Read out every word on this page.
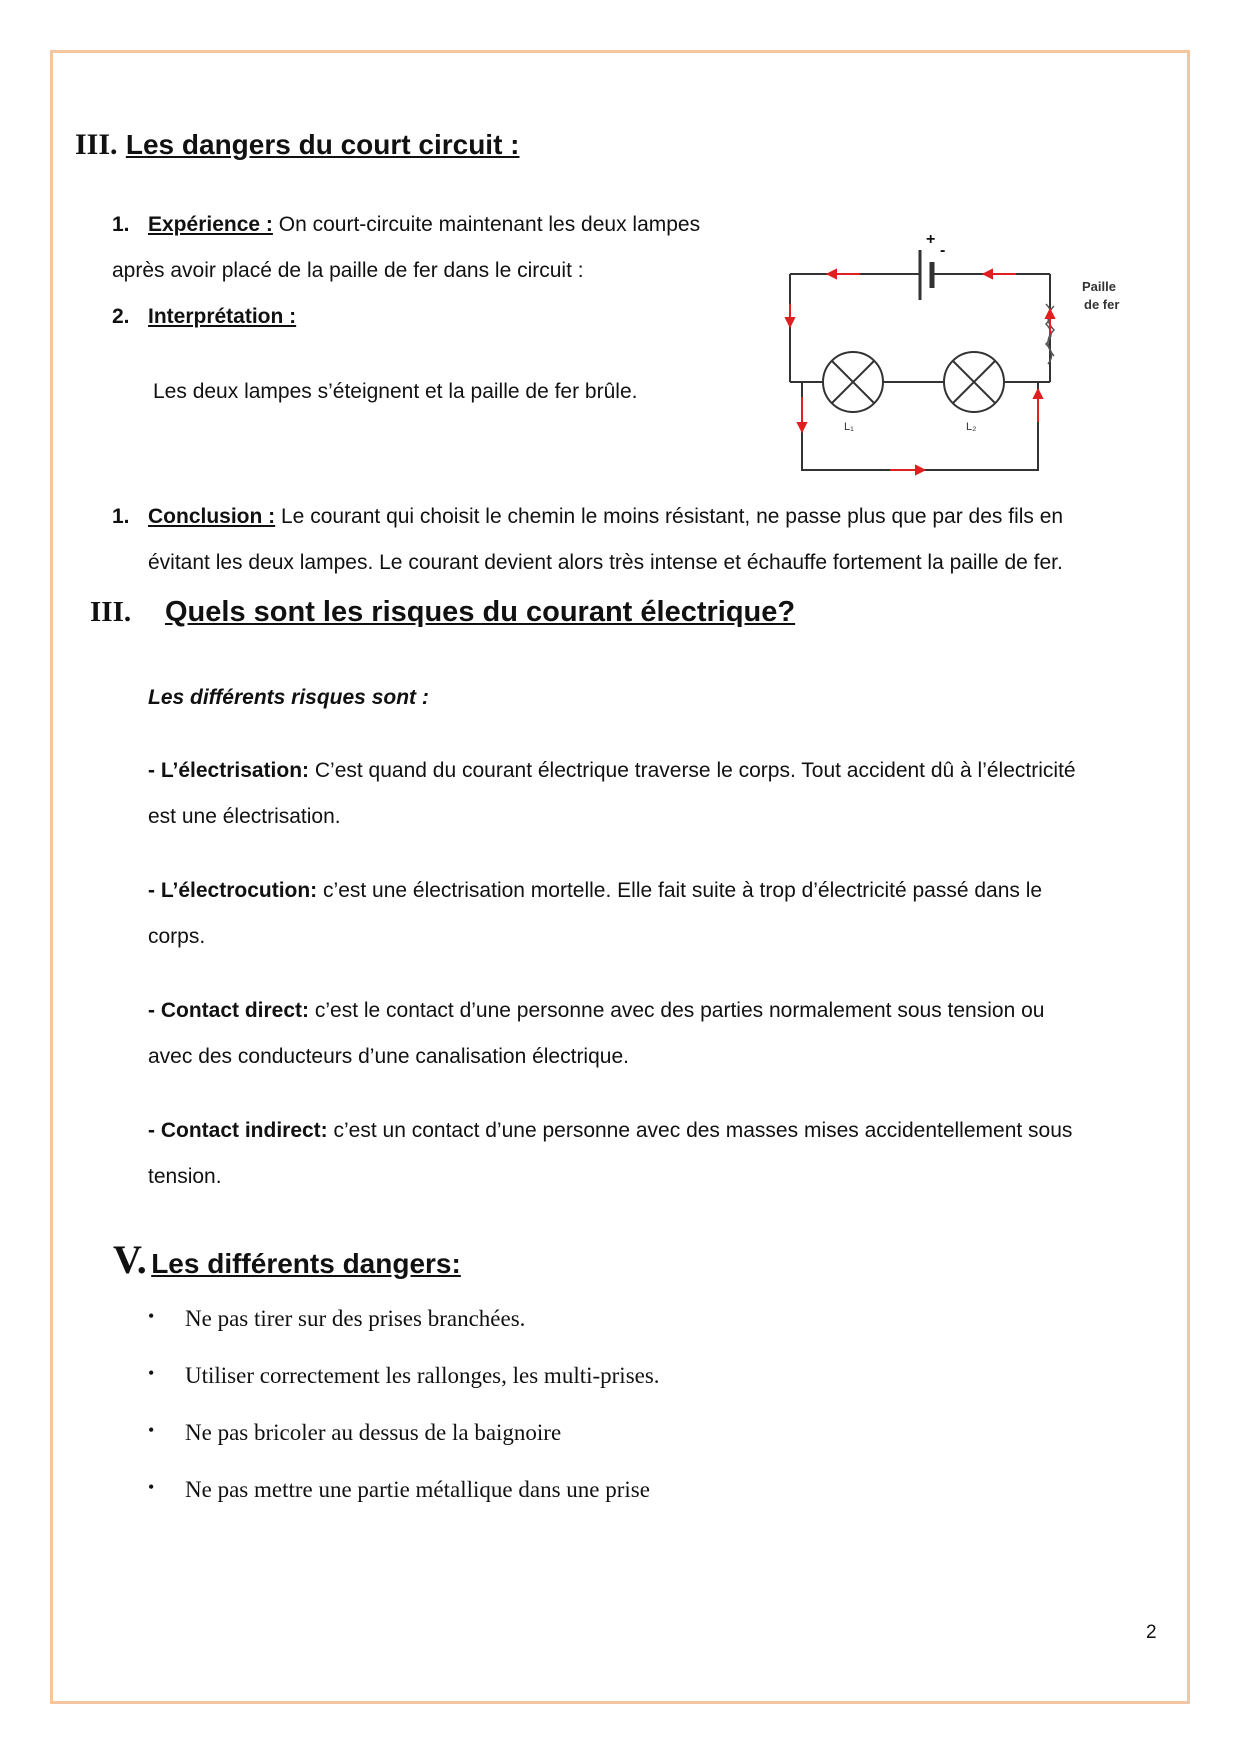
III. Les dangers du court circuit :
1. Expérience : On court-circuite maintenant les deux lampes
après avoir placé de la paille de fer dans le circuit :
2. Interprétation :
Les deux lampes s’éteignent et la paille de fer brûle.
+
-
Paille
de fer
L₁	L₂
1. Conclusion : Le courant qui choisit le chemin le moins résistant, ne passe plus que par des fils en
évitant les deux lampes. Le courant devient alors très intense et échauffe fortement la paille de fer.
III. Quels sont les risques du courant électrique?
Les différents risques sont :
- L’électrisation: C’est quand du courant électrique traverse le corps. Tout accident dû à l’électricité
est une électrisation.
- L’électrocution: c’est une électrisation mortelle. Elle fait suite à trop d’électricité passé dans le
corps.
- Contact direct: c’est le contact d’une personne avec des parties normalement sous tension ou
avec des conducteurs d’une canalisation électrique.
- Contact indirect: c’est un contact d’une personne avec des masses mises accidentellement sous
tension.
V. Les différents dangers:
• Ne pas tirer sur des prises branchées.
• Utiliser correctement les rallonges, les multi-prises.
• Ne pas bricoler au dessus de la baignoire
• Ne pas mettre une partie métallique dans une prise
2
